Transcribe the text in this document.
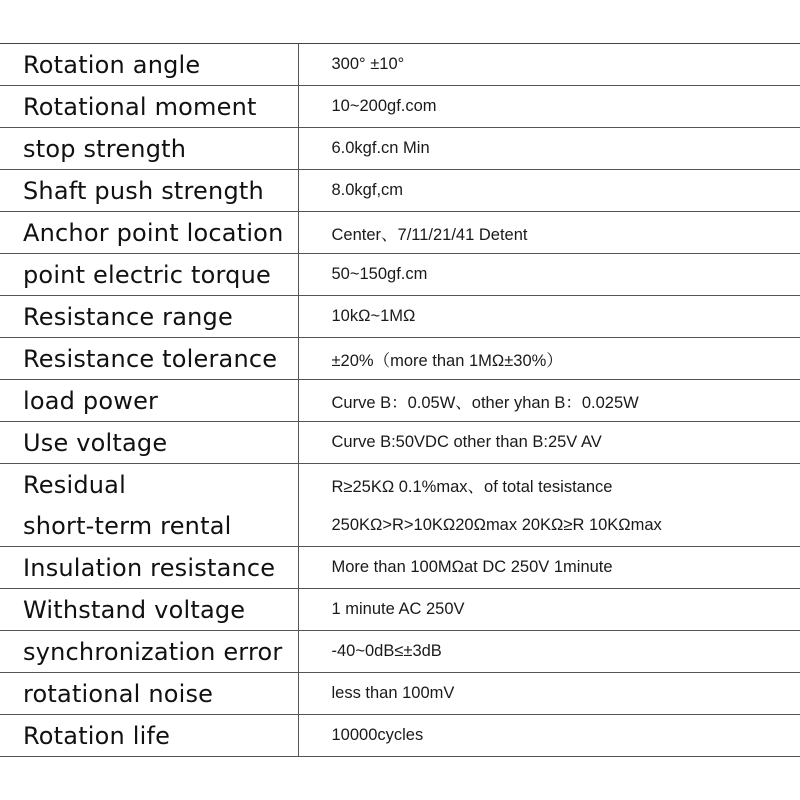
Rotation angle	300° ±10°
Rotational moment	10~200gf.com
stop strength	6.0kgf.cn Min
Shaft push strength	8.0kgf,cm
Anchor point location	Center、7/11/21/41 Detent
point electric torque	50~150gf.cm
Resistance range	10kΩ~1MΩ
Resistance tolerance	±20%（more than 1MΩ±30%）
load power	Curve B：0.05W、other yhan B：0.025W
Use voltage	Curve B:50VDC other than B:25V AV
Residual	R≥25KΩ 0.1%max、of total tesistance
short-term rental	250KΩ>R>10KΩ20Ωmax 20KΩ≥R 10KΩmax
Insulation resistance	More than 100MΩat DC 250V 1minute
Withstand voltage	1 minute AC 250V
synchronization error	-40~0dB≤±3dB
rotational noise	less than 100mV
Rotation life	10000cycles
